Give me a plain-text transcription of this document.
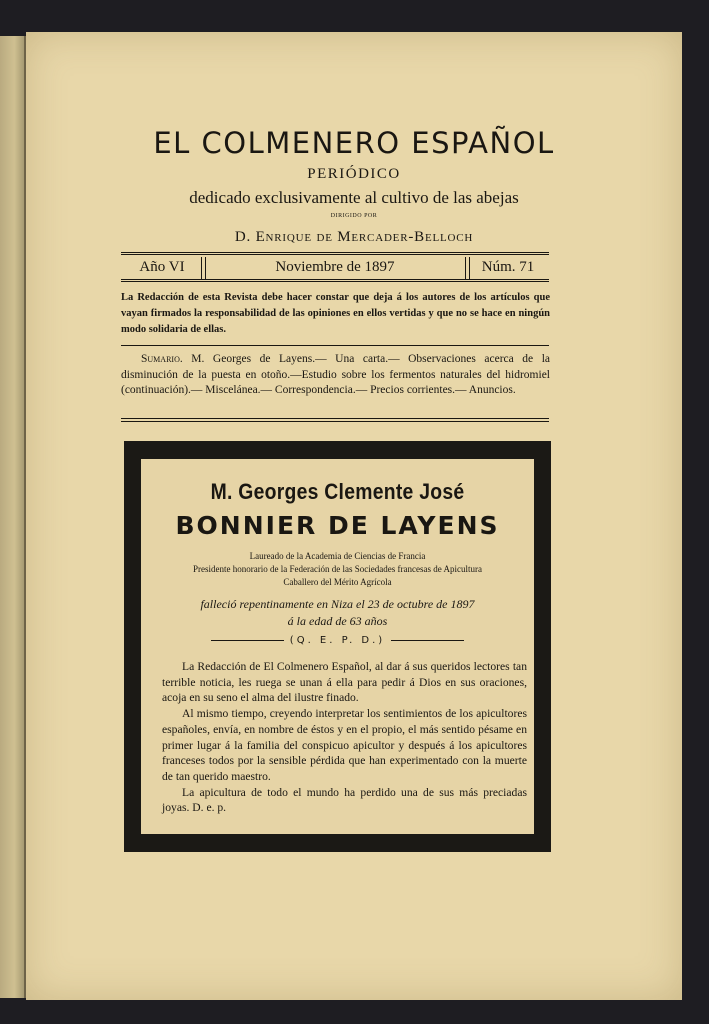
EL COLMENERO ESPAÑOL
PERIÓDICO
dedicado exclusivamente al cultivo de las abejas
DIRIGIDO POR
D. Enrique de Mercader-Belloch
Año VI	Noviembre de 1897	Núm. 71

La Redacción de esta Revista debe hacer constar que deja á los autores de los artículos que vayan firmados la responsabilidad de las opiniones en ellos vertidas y que no se hace en ningún modo solidaria de ellas.

Sumario. M. Georges de Layens.— Una carta.— Observaciones acerca de la disminución de la puesta en otoño.—Estudio sobre los fermentos naturales del hidromiel (continuación).— Miscelánea.— Correspondencia.— Precios corrientes.— Anuncios.

M. Georges Clemente José
BONNIER DE LAYENS
Laureado de la Academia de Ciencias de Francia
Presidente honorario de la Federación de las Sociedades francesas de Apicultura
Caballero del Mérito Agrícola
falleció repentinamente en Niza el 23 de octubre de 1897
á la edad de 63 años
(Q. E. P. D.)

La Redacción de El Colmenero Español, al dar á sus queridos lectores tan terrible noticia, les ruega se unan á ella para pedir á Dios en sus oraciones, acoja en su seno el alma del ilustre finado.

Al mismo tiempo, creyendo interpretar los sentimientos de los apicultores españoles, envía, en nombre de éstos y en el propio, el más sentido pésame en primer lugar á la familia del conspicuo apicultor y después á los apicultores franceses todos por la sensible pérdida que han experimentado con la muerte de tan querido maestro.

La apicultura de todo el mundo ha perdido una de sus más preciadas joyas. D. e. p.
